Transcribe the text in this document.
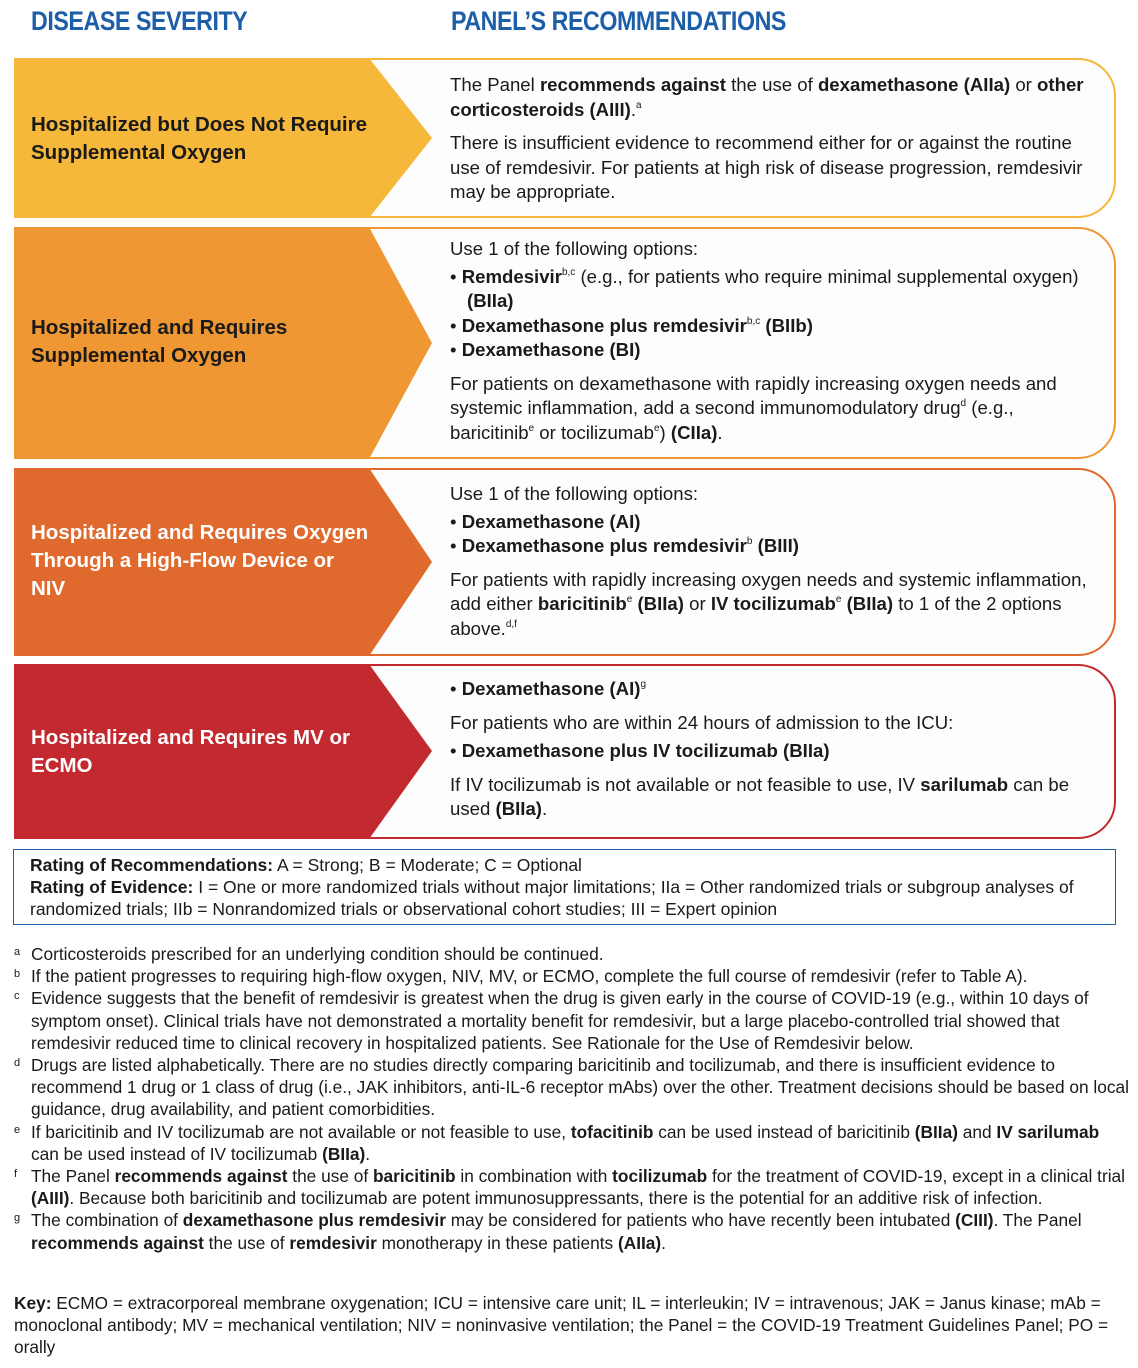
DISEASE SEVERITY	PANEL’S RECOMMENDATIONS
Hospitalized but Does Not Require Supplemental Oxygen

The Panel recommends against the use of dexamethasone (AIIa) or other corticosteroids (AIII).$^a$

There is insufficient evidence to recommend either for or against the routine use of remdesivir. For patients at high risk of disease progression, remdesivir may be appropriate.

Hospitalized and Requires Supplemental Oxygen

Use 1 of the following options:

• Remdesivir$^{b,c}$ (e.g., for patients who require minimal supplemental oxygen) (BIIa)

• Dexamethasone plus remdesivir$^{b,c}$ (BIIb)

• Dexamethasone (BI)

For patients on dexamethasone with rapidly increasing oxygen needs and systemic inflammation, add a second immunomodulatory drug$^d$ (e.g., baricitinib$^e$ or tocilizumab$^e$) (CIIa).

Hospitalized and Requires Oxygen Through a High-Flow Device or NIV

Use 1 of the following options:

• Dexamethasone (AI)

• Dexamethasone plus remdesivir$^b$ (BIII)

For patients with rapidly increasing oxygen needs and systemic inflammation, add either baricitinib$^e$ (BIIa) or IV tocilizumab$^e$ (BIIa) to 1 of the 2 options above.$^{d,f}$

Hospitalized and Requires MV or ECMO

• Dexamethasone (AI)$^g$

For patients who are within 24 hours of admission to the ICU:

• Dexamethasone plus IV tocilizumab (BIIa)

If IV tocilizumab is not available or not feasible to use, IV sarilumab can be used (BIIa).

Rating of Recommendations: A = Strong; B = Moderate; C = Optional

Rating of Evidence: I = One or more randomized trials without major limitations; IIa = Other randomized trials or subgroup analyses of randomized trials; IIb = Nonrandomized trials or observational cohort studies; III = Expert opinion

a Corticosteroids prescribed for an underlying condition should be continued.
b If the patient progresses to requiring high-flow oxygen, NIV, MV, or ECMO, complete the full course of remdesivir (refer to Table A).
c Evidence suggests that the benefit of remdesivir is greatest when the drug is given early in the course of COVID-19 (e.g., within 10 days of symptom onset). Clinical trials have not demonstrated a mortality benefit for remdesivir, but a large placebo-controlled trial showed that remdesivir reduced time to clinical recovery in hospitalized patients. See Rationale for the Use of Remdesivir below.
d Drugs are listed alphabetically. There are no studies directly comparing baricitinib and tocilizumab, and there is insufficient evidence to recommend 1 drug or 1 class of drug (i.e., JAK inhibitors, anti-IL-6 receptor mAbs) over the other. Treatment decisions should be based on local guidance, drug availability, and patient comorbidities.
e If baricitinib and IV tocilizumab are not available or not feasible to use, tofacitinib can be used instead of baricitinib (BIIa) and IV sarilumab can be used instead of IV tocilizumab (BIIa).
f The Panel recommends against the use of baricitinib in combination with tocilizumab for the treatment of COVID-19, except in a clinical trial (AIII). Because both baricitinib and tocilizumab are potent immunosuppressants, there is the potential for an additive risk of infection.
g The combination of dexamethasone plus remdesivir may be considered for patients who have recently been intubated (CIII). The Panel recommends against the use of remdesivir monotherapy in these patients (AIIa).
Key: ECMO = extracorporeal membrane oxygenation; ICU = intensive care unit; IL = interleukin; IV = intravenous; JAK = Janus kinase; mAb = monoclonal antibody; MV = mechanical ventilation; NIV = noninvasive ventilation; the Panel = the COVID-19 Treatment Guidelines Panel; PO = orally
